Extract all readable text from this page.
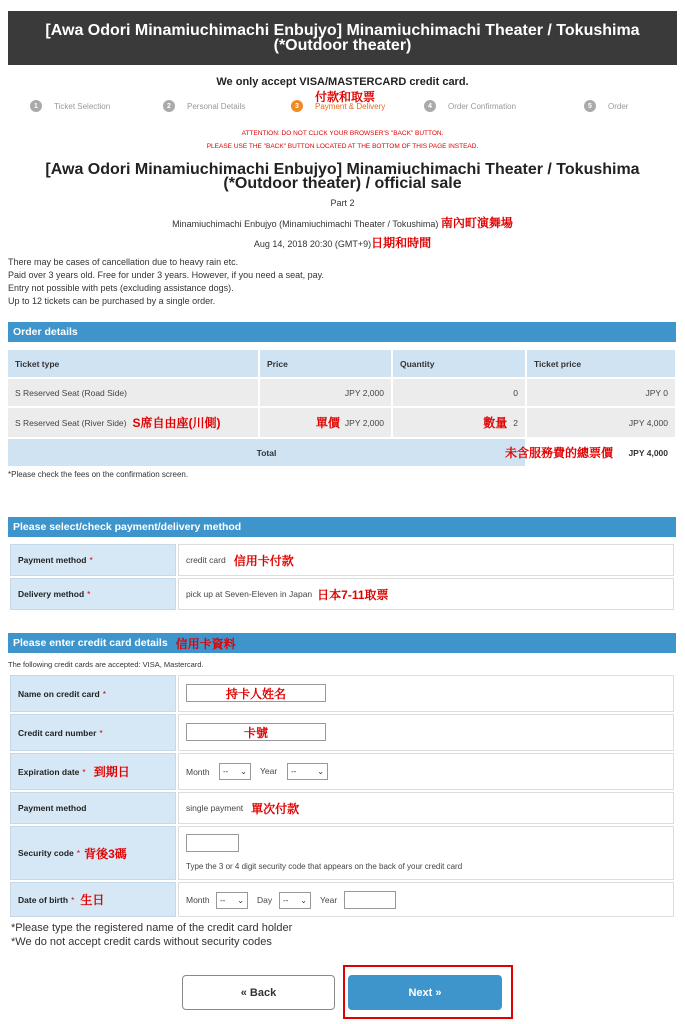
[Awa Odori Minamiuchimachi Enbujyo] Minamiuchimachi Theater / Tokushima
(*Outdoor theater)
We only accept VISA/MASTERCARD credit card.
付款和取票
1	Ticket Selection	2	Personal Details	3	Payment & Delivery	4	Order Confirmation	5	Order
ATTENTION: DO NOT CLICK YOUR BROWSER'S "BACK" BUTTON.
PLEASE USE THE "BACK" BUTTON LOCATED AT THE BOTTOM OF THIS PAGE INSTEAD.
[Awa Odori Minamiuchimachi Enbujyo] Minamiuchimachi Theater / Tokushima
(*Outdoor theater) / official sale
Part 2
Minamiuchimachi Enbujyo (Minamiuchimachi Theater / Tokushima) 南內町演舞場
Aug 14, 2018 20:30 (GMT+9)日期和時間
There may be cases of cancellation due to heavy rain etc.
Paid over 3 years old. Free for under 3 years. However, if you need a seat, pay.
Entry not possible with pets (excluding assistance dogs).
Up to 12 tickets can be purchased by a single order.
Order details
Ticket type	Price	Quantity	Ticket price
S Reserved Seat (Road Side)	JPY 2,000	0	JPY 0
S Reserved Seat (River Side) S席自由座(川側)	單價 JPY 2,000	數量 2	JPY 4,000
Total	未含服務費的總票價	JPY 4,000
*Please check the fees on the confirmation screen.
Please select/check payment/delivery method
Payment method *	credit card 信用卡付款
Delivery method *	pick up at Seven-Eleven in Japan 日本7-11取票
Please enter credit card details 信用卡資料
The following credit cards are accepted: VISA, Mastercard.
Name on credit card *	持卡人姓名
Credit card number *	卡號
Expiration date * 到期日	Month -- ⌄ Year --	⌄
Payment method	single payment 單次付款
Security code * 背後3碼
Type the 3 or 4 digit security code that appears on the back of your credit card
Date of birth * 生日	Month -- ⌄ Day -- ⌄ Year
*Please type the registered name of the credit card holder
*We do not accept credit cards without security codes
« Back	Next »
